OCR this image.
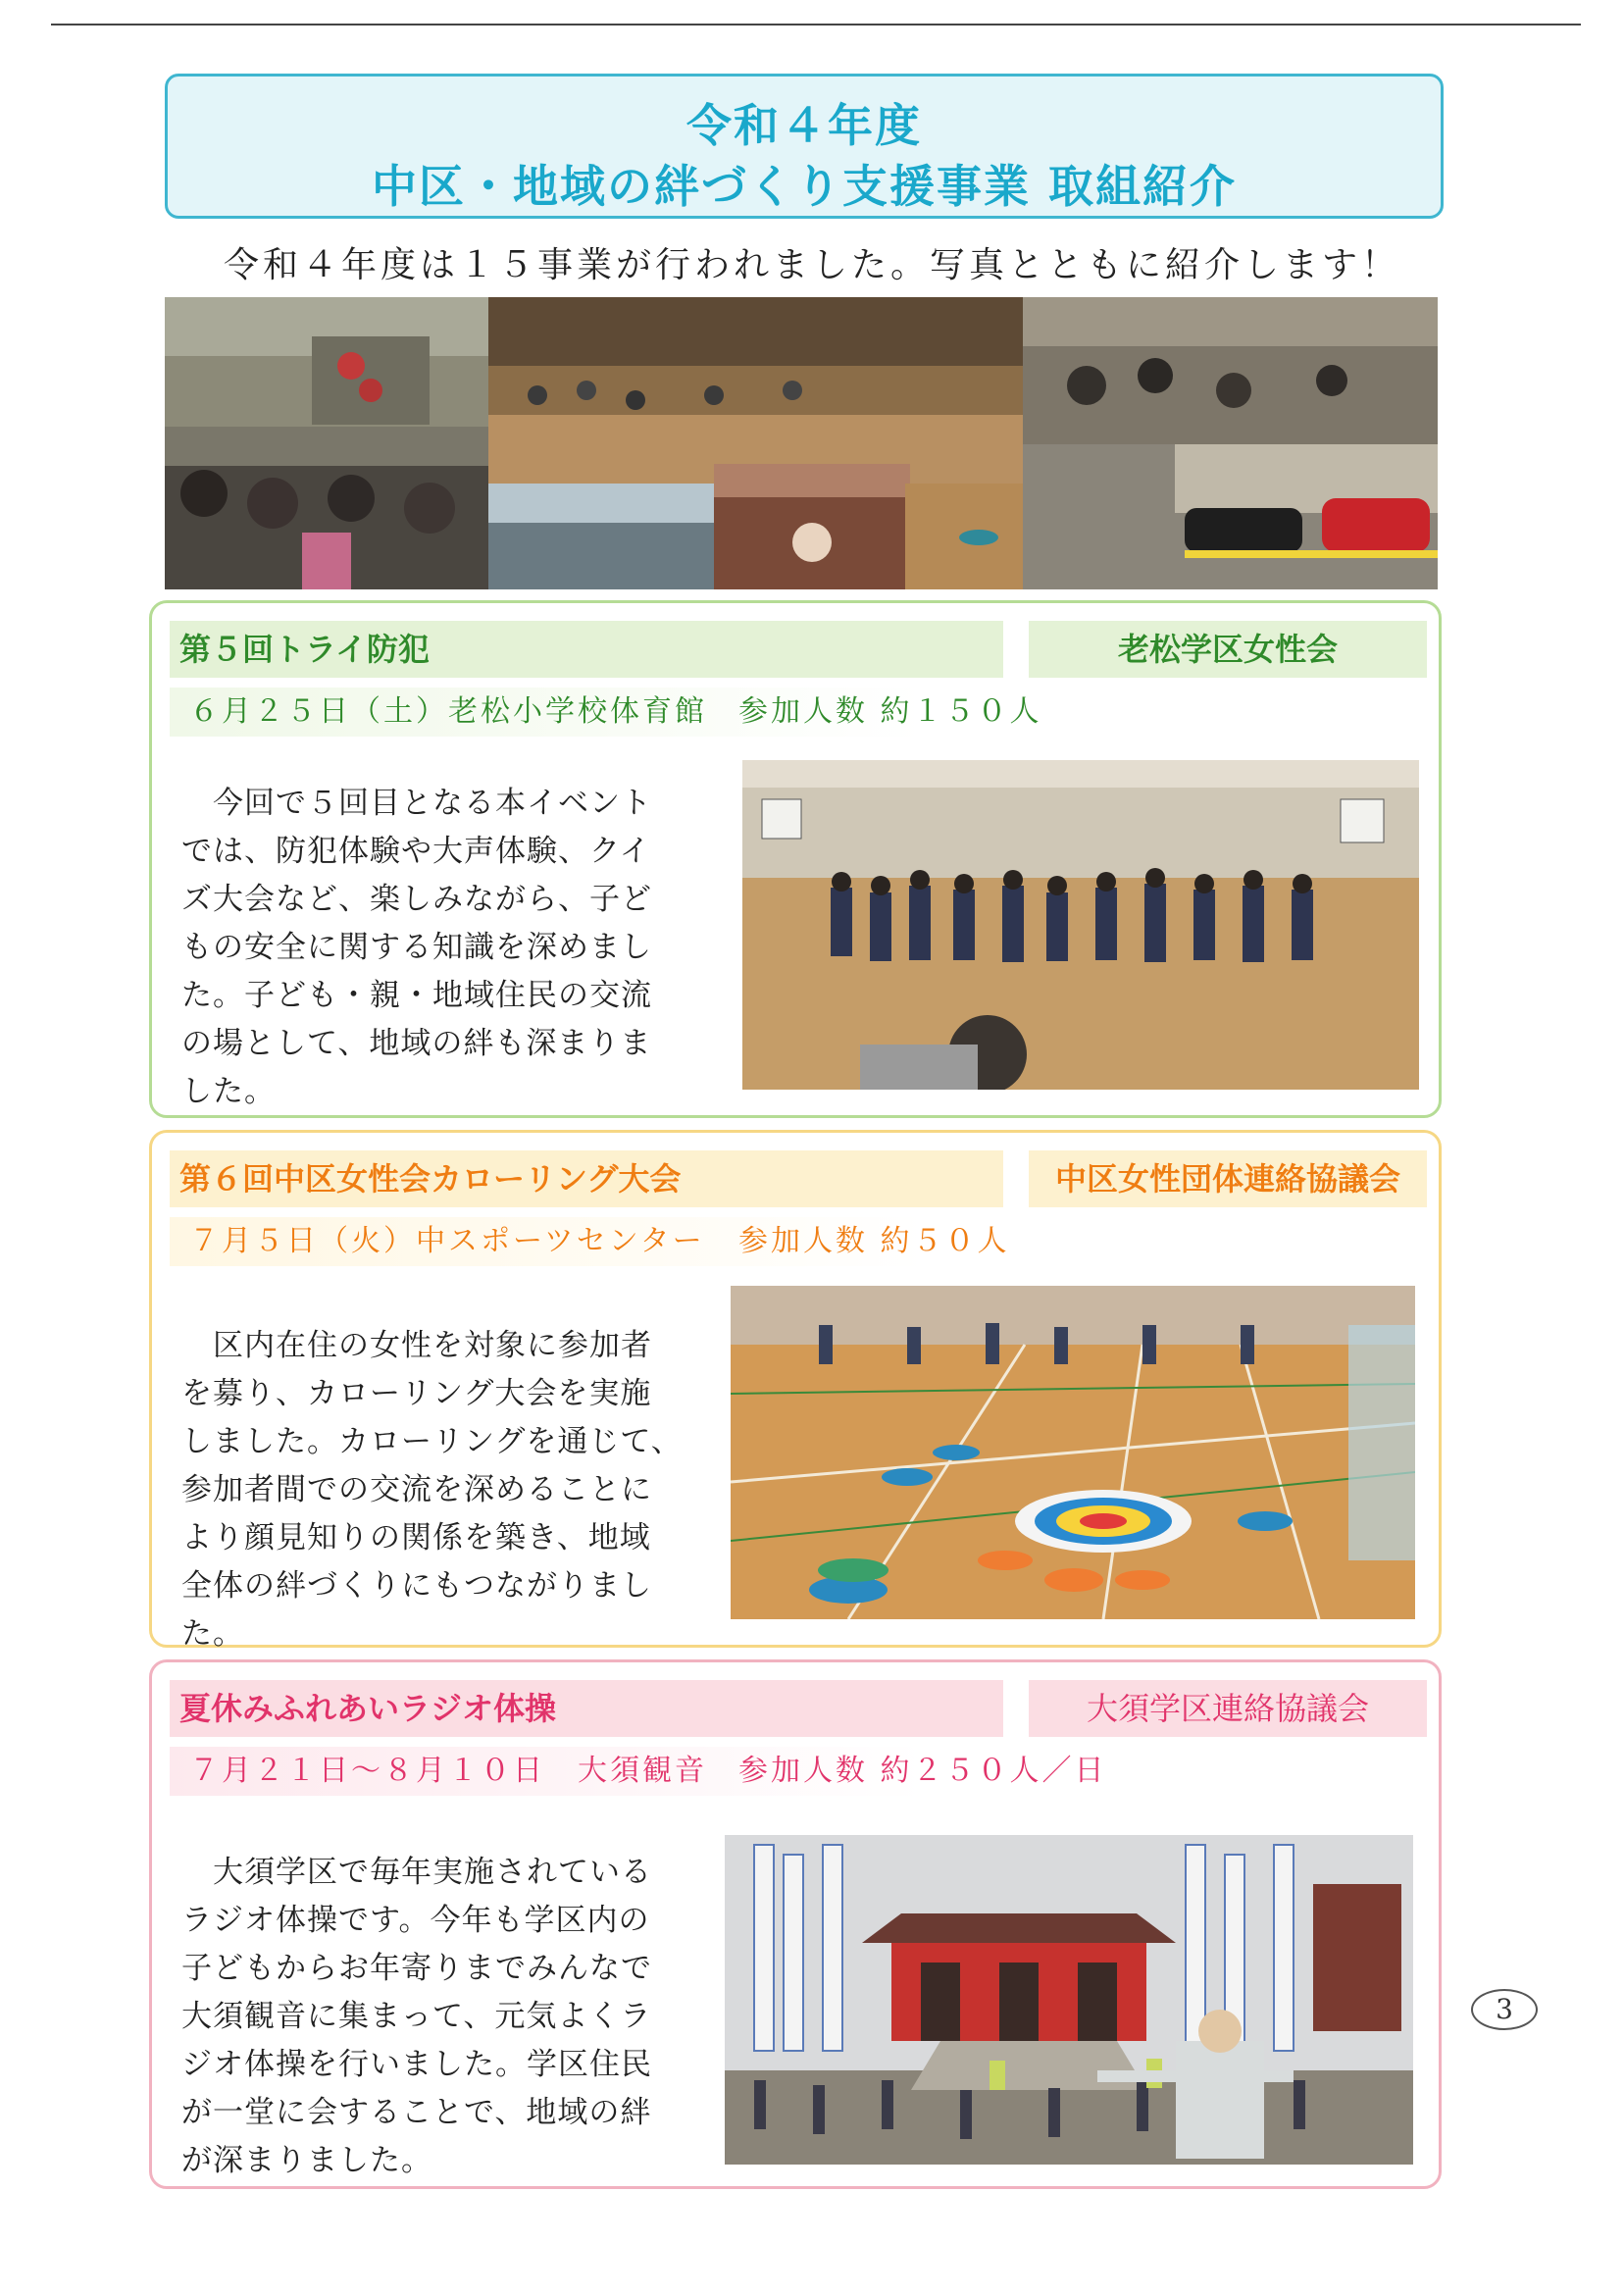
令和４年度
中区・地域の絆づくり支援事業 取組紹介
令和４年度は１５事業が行われました。写真とともに紹介します！
第５回トライ防犯	老松学区女性会
６月２５日（土）老松小学校体育館 参加人数 約１５０人
　今回で５回目となる本イベント
では、防犯体験や大声体験、クイ
ズ大会など、楽しみながら、子ど
もの安全に関する知識を深めまし
た。子ども・親・地域住民の交流
の場として、地域の絆も深まりま
した。
第６回中区女性会カローリング大会	中区女性団体連絡協議会
７月５日（火）中スポーツセンター 参加人数 約５０人
　区内在住の女性を対象に参加者
を募り、カローリング大会を実施
しました。カローリングを通じて、
参加者間での交流を深めることに
より顔見知りの関係を築き、地域
全体の絆づくりにもつながりまし
た。
夏休みふれあいラジオ体操	大須学区連絡協議会
７月２１日～８月１０日　大須観音 参加人数 約２５０人／日
　大須学区で毎年実施されている
ラジオ体操です。今年も学区内の
子どもからお年寄りまでみんなで
大須観音に集まって、元気よくラ
ジオ体操を行いました。学区住民
が一堂に会することで、地域の絆
が深まりました。
3
